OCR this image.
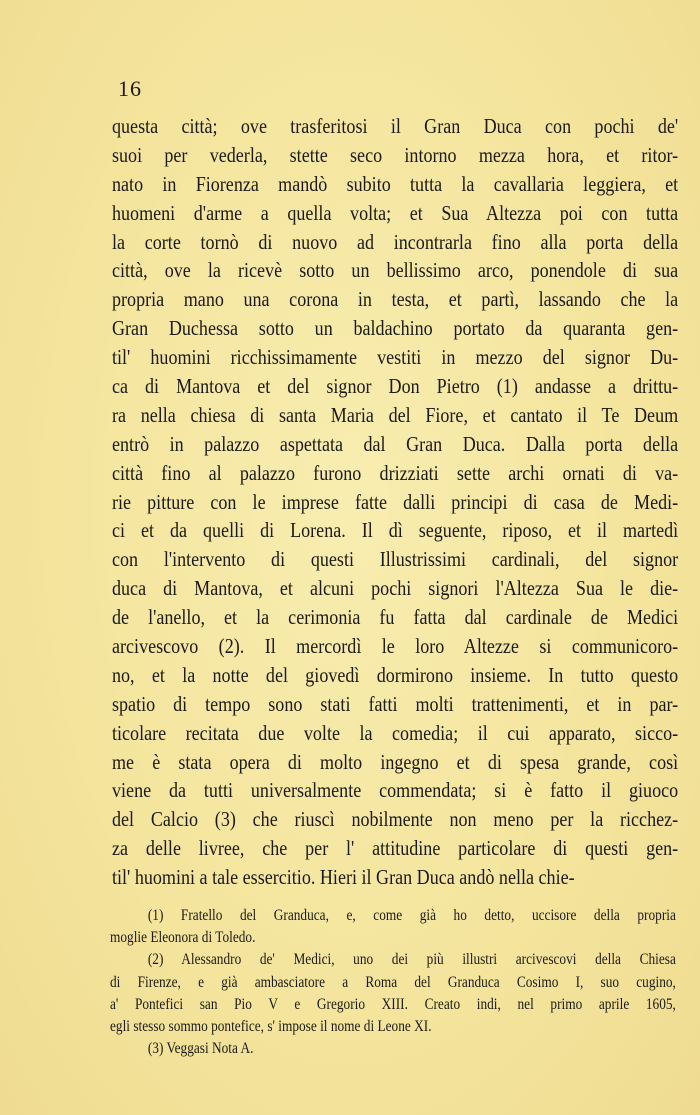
16
questa città; ove trasferitosi il Gran Duca con pochi de'
suoi per vederla, stette seco intorno mezza hora, et ritor-
nato in Fiorenza mandò subito tutta la cavallaria leggiera, et
huomeni d'arme a quella volta; et Sua Altezza poi con tutta
la corte tornò di nuovo ad incontrarla fino alla porta della
città, ove la ricevè sotto un bellissimo arco, ponendole di sua
propria mano una corona in testa, et partì, lassando che la
Gran Duchessa sotto un baldachino portato da quaranta gen-
til' huomini ricchissimamente vestiti in mezzo del signor Du-
ca di Mantova et del signor Don Pietro (1) andasse a drittu-
ra nella chiesa di santa Maria del Fiore, et cantato il Te Deum
entrò in palazzo aspettata dal Gran Duca. Dalla porta della
città fino al palazzo furono drizziati sette archi ornati di va-
rie pitture con le imprese fatte dalli principi di casa de Medi-
ci et da quelli di Lorena. Il dì seguente, riposo, et il martedì
con l'intervento di questi Illustrissimi cardinali, del signor
duca di Mantova, et alcuni pochi signori l'Altezza Sua le die-
de l'anello, et la cerimonia fu fatta dal cardinale de Medici
arcivescovo (2). Il mercordì le loro Altezze si communicoro-
no, et la notte del giovedì dormirono insieme. In tutto questo
spatio di tempo sono stati fatti molti trattenimenti, et in par-
ticolare recitata due volte la comedia; il cui apparato, sicco-
me è stata opera di molto ingegno et di spesa grande, così
viene da tutti universalmente commendata; si è fatto il giuoco
del Calcio (3) che riuscì nobilmente non meno per la ricchez-
za delle livree, che per l' attitudine particolare di questi gen-
til' huomini a tale essercitio. Hieri il Gran Duca andò nella chie-
(1) Fratello del Granduca, e, come già ho detto, uccisore della propria
moglie Eleonora di Toledo.
(2) Alessandro de' Medici, uno dei più illustri arcivescovi della Chiesa
di Firenze, e già ambasciatore a Roma del Granduca Cosimo I, suo cugino,
a' Pontefici san Pio V e Gregorio XIII. Creato indi, nel primo aprile 1605,
egli stesso sommo pontefice, s' impose il nome di Leone XI.
(3) Veggasi Nota A.
